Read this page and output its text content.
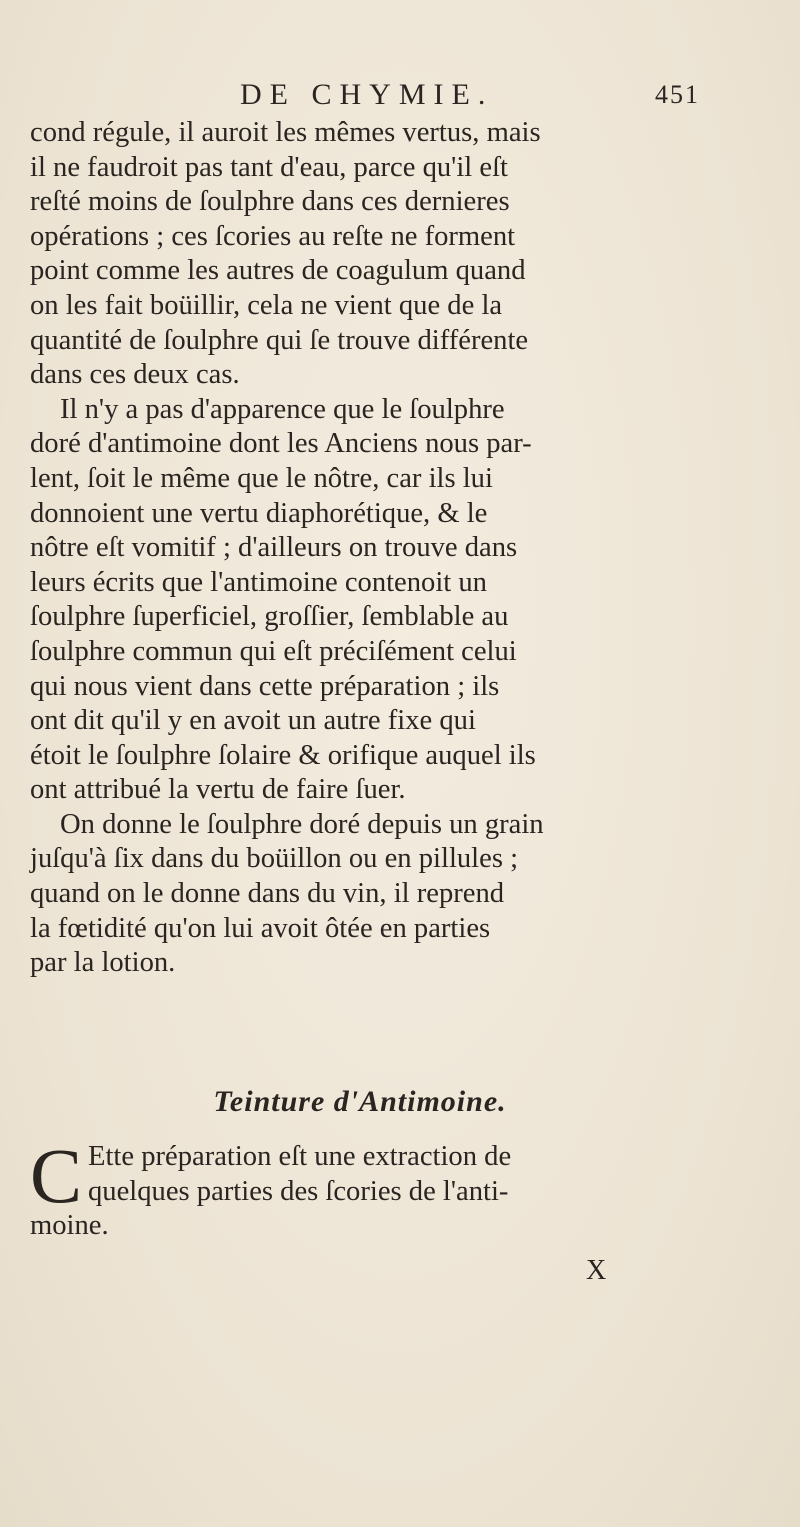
DE CHYMIE.	451
cond régule, il auroit les mêmes vertus, mais
il ne faudroit pas tant d'eau, parce qu'il eſt
reſté moins de ſoulphre dans ces dernieres
opérations ; ces ſcories au reſte ne forment
point comme les autres de coagulum quand
on les fait boüillir, cela ne vient que de la
quantité de ſoulphre qui ſe trouve différente
dans ces deux cas.
Il n'y a pas d'apparence que le ſoulphre
doré d'antimoine dont les Anciens nous par-
lent, ſoit le même que le nôtre, car ils lui
donnoient une vertu diaphorétique, & le
nôtre eſt vomitif ; d'ailleurs on trouve dans
leurs écrits que l'antimoine contenoit un
ſoulphre ſuperficiel, groſſier, ſemblable au
ſoulphre commun qui eſt préciſément celui
qui nous vient dans cette préparation ; ils
ont dit qu'il y en avoit un autre fixe qui
étoit le ſoulphre ſolaire & orifique auquel ils
ont attribué la vertu de faire ſuer.
On donne le ſoulphre doré depuis un grain
juſqu'à ſix dans du boüillon ou en pillules ;
quand on le donne dans du vin, il reprend
la fœtidité qu'on lui avoit ôtée en parties
par la lotion.
Teinture d'Antimoine.
C Ette préparation eſt une extraction de
quelques parties des ſcories de l'anti-
moine.
X
